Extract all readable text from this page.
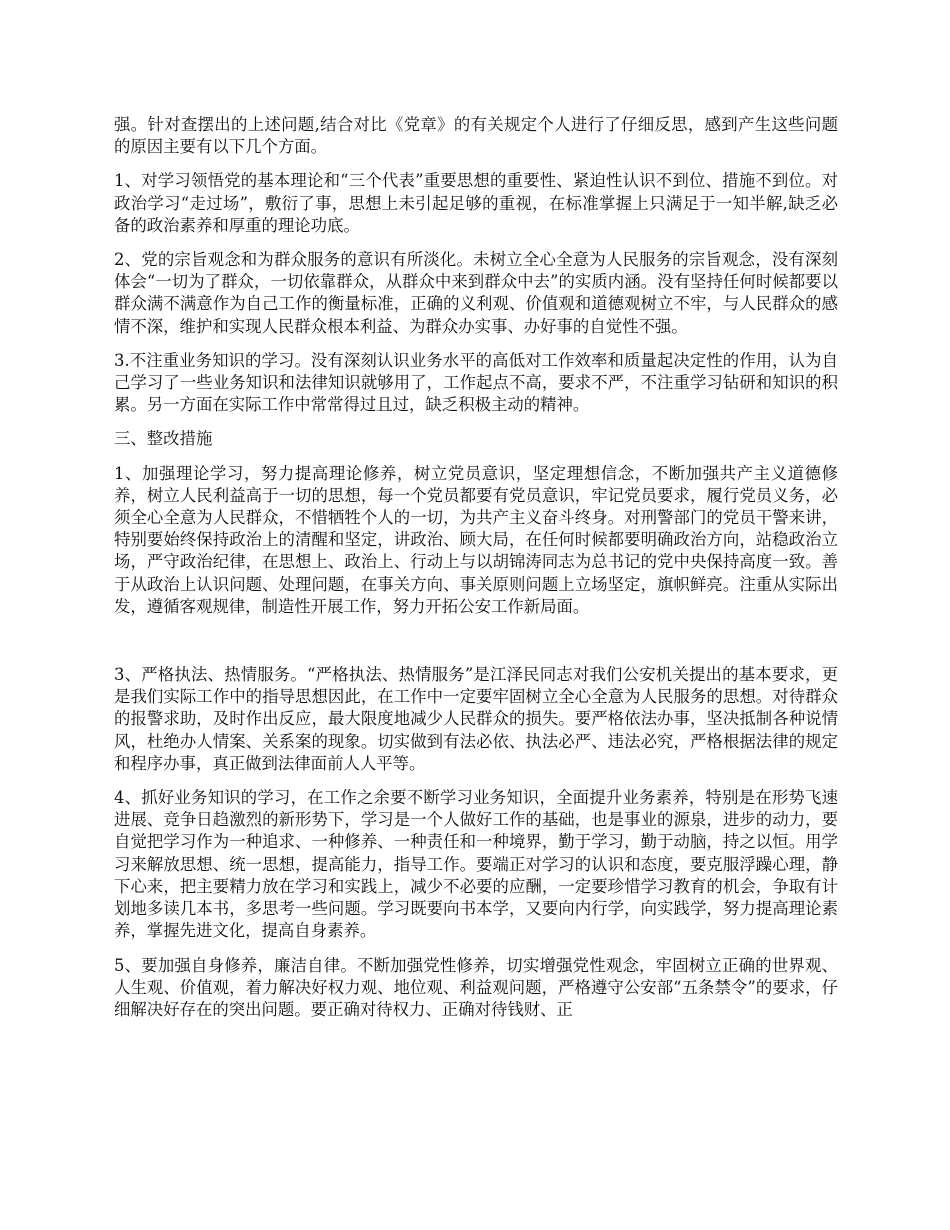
强。针对查摆出的上述问题,结合对比《党章》的有关规定个人进行了仔细反思，感到产生这些问题的原因主要有以下几个方面。

1、对学习领悟党的基本理论和“三个代表”重要思想的重要性、紧迫性认识不到位、措施不到位。对政治学习“走过场”，敷衍了事，思想上未引起足够的重视，在标准掌握上只满足于一知半解,缺乏必备的政治素养和厚重的理论功底。

2、党的宗旨观念和为群众服务的意识有所淡化。未树立全心全意为人民服务的宗旨观念，没有深刻体会“一切为了群众，一切依靠群众，从群众中来到群众中去”的实质内涵。没有坚持任何时候都要以群众满不满意作为自己工作的衡量标准，正确的义利观、价值观和道德观树立不牢，与人民群众的感情不深，维护和实现人民群众根本利益、为群众办实事、办好事的自觉性不强。

3.不注重业务知识的学习。没有深刻认识业务水平的高低对工作效率和质量起决定性的作用，认为自己学习了一些业务知识和法律知识就够用了，工作起点不高，要求不严，不注重学习钻研和知识的积累。另一方面在实际工作中常常得过且过，缺乏积极主动的精神。

三、整改措施

1、加强理论学习，努力提高理论修养，树立党员意识，坚定理想信念，不断加强共产主义道德修养，树立人民利益高于一切的思想，每一个党员都要有党员意识，牢记党员要求，履行党员义务，必须全心全意为人民群众，不惜牺牲个人的一切，为共产主义奋斗终身。对刑警部门的党员干警来讲，特别要始终保持政治上的清醒和坚定，讲政治、顾大局，在任何时候都要明确政治方向，站稳政治立场，严守政治纪律，在思想上、政治上、行动上与以胡锦涛同志为总书记的党中央保持高度一致。善于从政治上认识问题、处理问题，在事关方向、事关原则问题上立场坚定，旗帜鲜亮。注重从实际出发，遵循客观规律，制造性开展工作，努力开拓公安工作新局面。

3、严格执法、热情服务。“严格执法、热情服务”是江泽民同志对我们公安机关提出的基本要求，更是我们实际工作中的指导思想因此，在工作中一定要牢固树立全心全意为人民服务的思想。对待群众的报警求助，及时作出反应，最大限度地减少人民群众的损失。要严格依法办事，坚决抵制各种说情风，杜绝办人情案、关系案的现象。切实做到有法必依、执法必严、违法必究，严格根据法律的规定和程序办事，真正做到法律面前人人平等。

4、抓好业务知识的学习，在工作之余要不断学习业务知识，全面提升业务素养，特别是在形势飞速进展、竞争日趋激烈的新形势下，学习是一个人做好工作的基础，也是事业的源泉，进步的动力，要自觉把学习作为一种追求、一种修养、一种责任和一种境界，勤于学习，勤于动脑，持之以恒。用学习来解放思想、统一思想，提高能力，指导工作。要端正对学习的认识和态度，要克服浮躁心理，静下心来，把主要精力放在学习和实践上，减少不必要的应酬，一定要珍惜学习教育的机会，争取有计划地多读几本书，多思考一些问题。学习既要向书本学，又要向内行学，向实践学，努力提高理论素养，掌握先进文化，提高自身素养。

5、要加强自身修养，廉洁自律。不断加强党性修养，切实增强党性观念，牢固树立正确的世界观、人生观、价值观，着力解决好权力观、地位观、利益观问题，严格遵守公安部“五条禁令”的要求，仔细解决好存在的突出问题。要正确对待权力、正确对待钱财、正
